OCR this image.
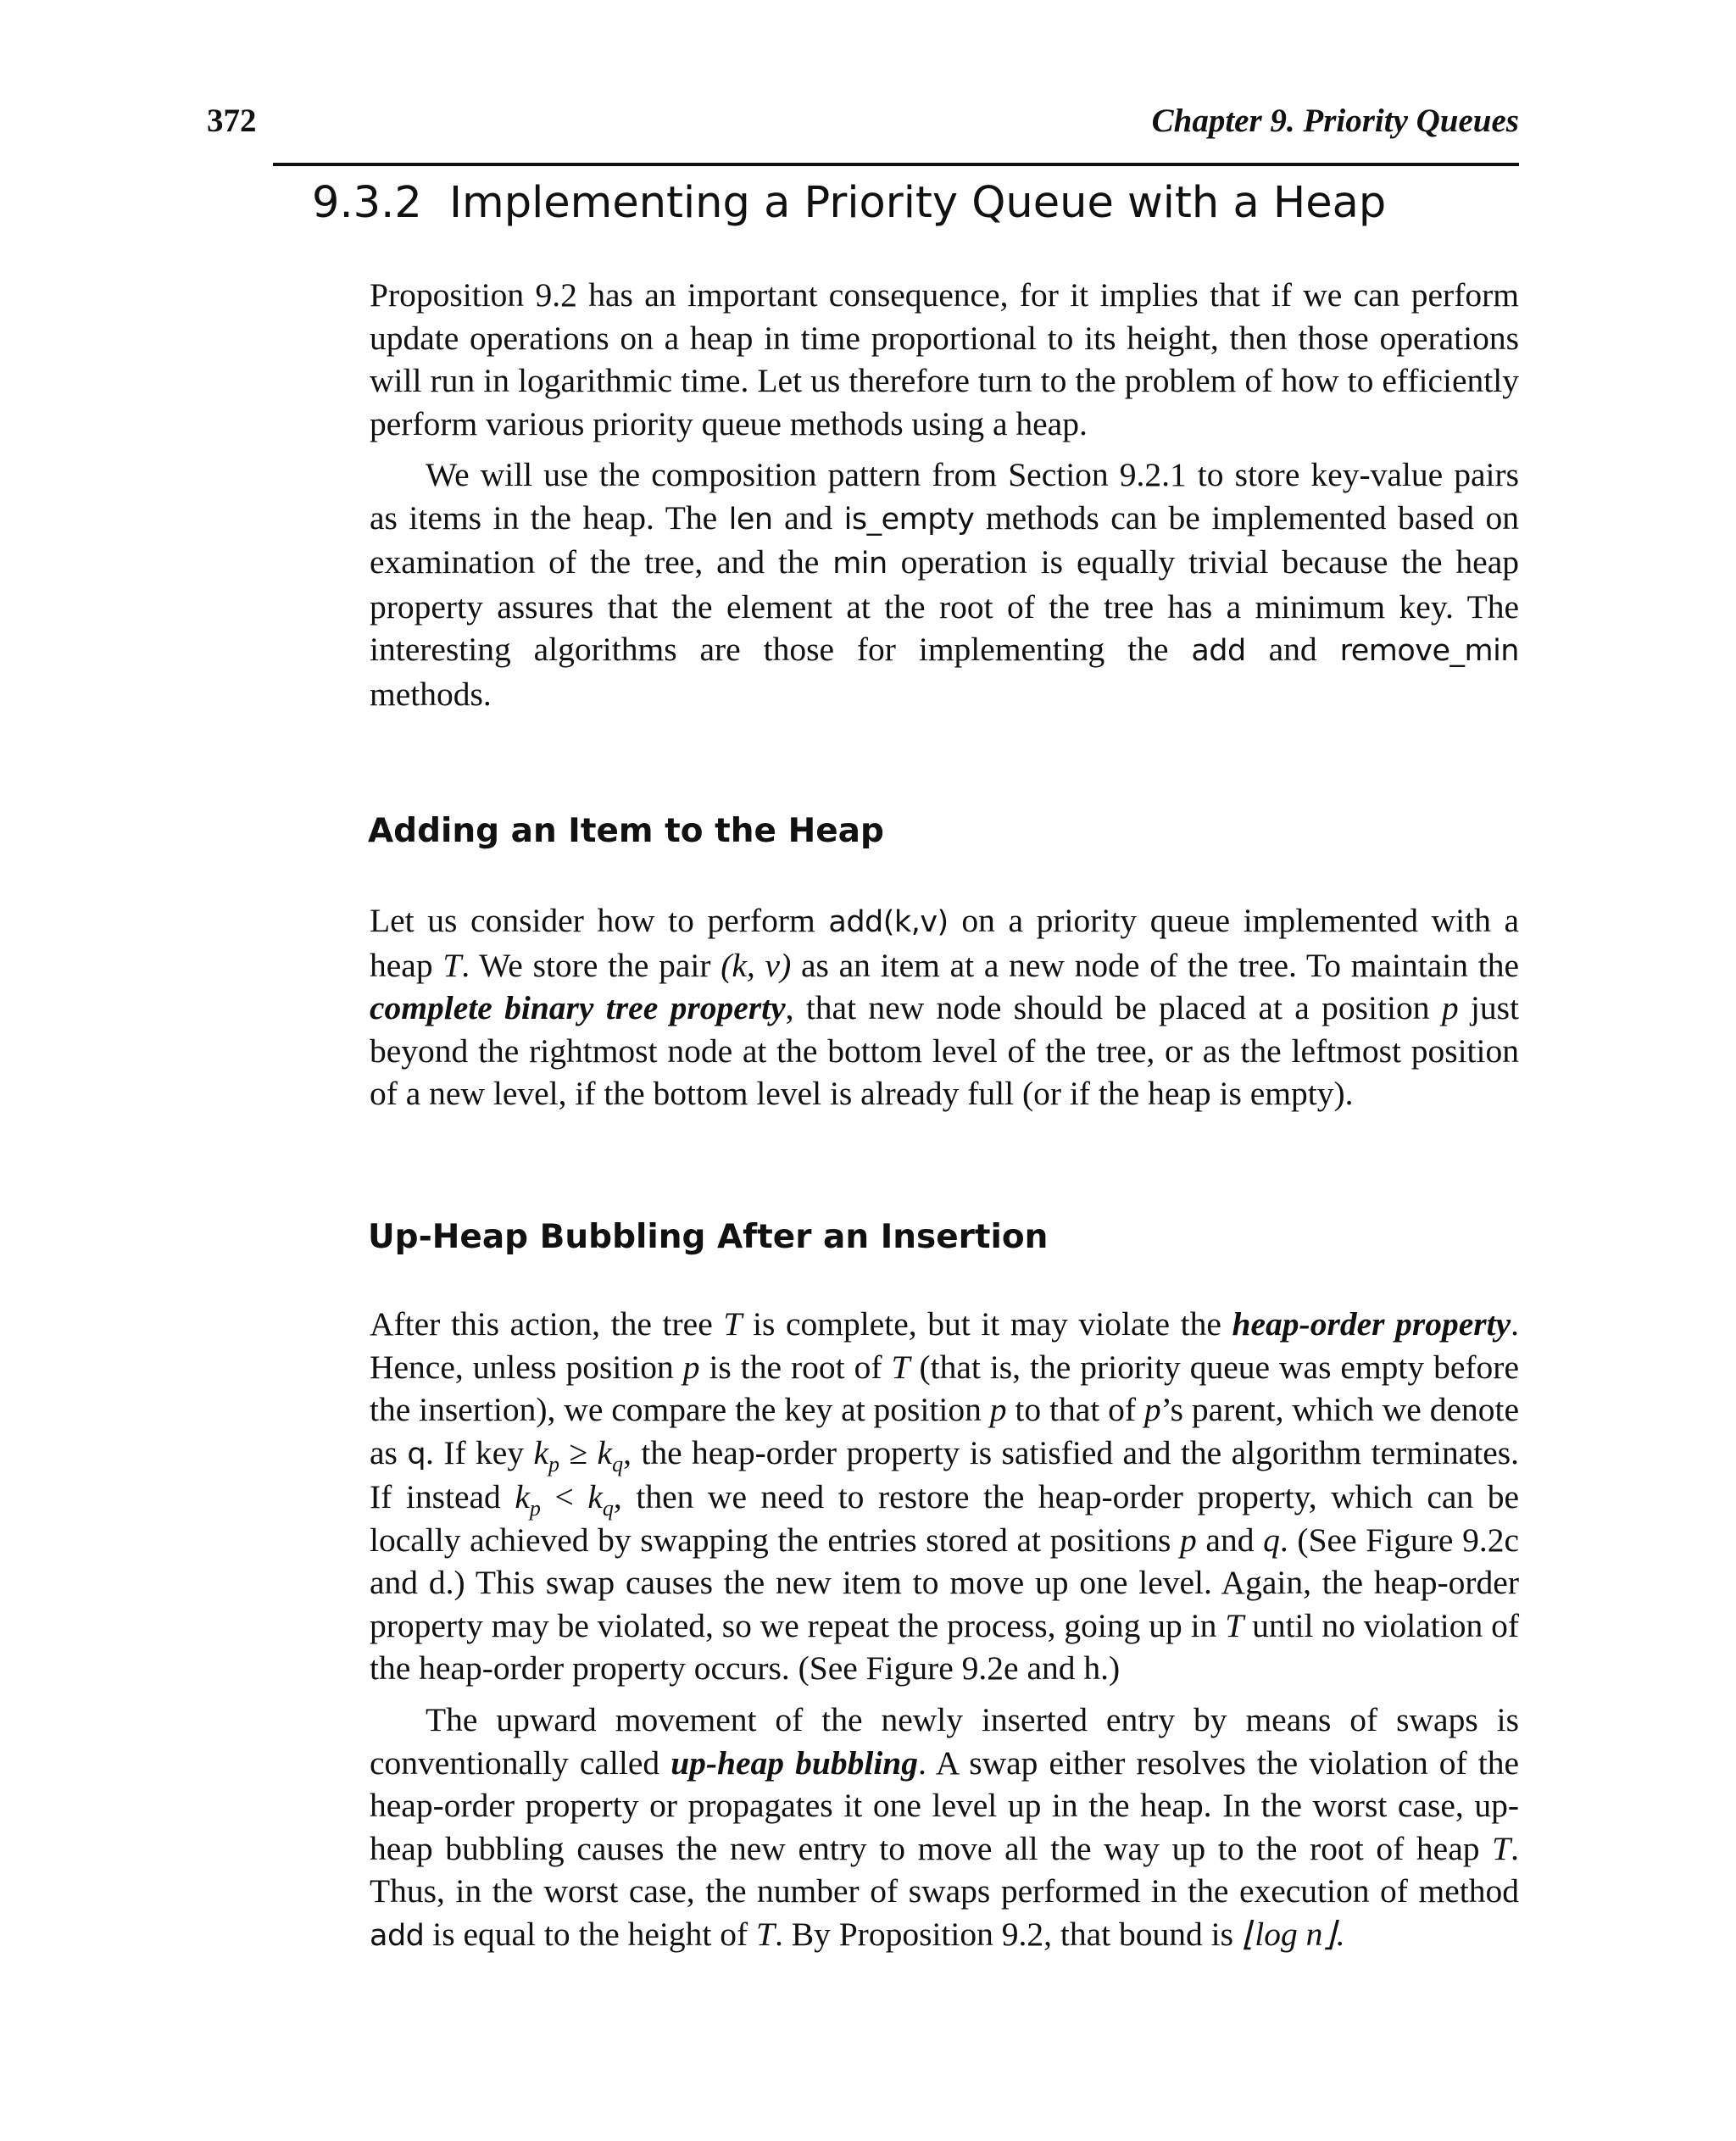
372	Chapter 9. Priority Queues
9.3.2 Implementing a Priority Queue with a Heap

Proposition 9.2 has an important consequence, for it implies that if we can perform update operations on a heap in time proportional to its height, then those operations will run in logarithmic time. Let us therefore turn to the problem of how to efficiently perform various priority queue methods using a heap.

We will use the composition pattern from Section 9.2.1 to store key-value pairs as items in the heap. The len and is_empty methods can be implemented based on examination of the tree, and the min operation is equally trivial because the heap property assures that the element at the root of the tree has a minimum key. The interesting algorithms are those for implementing the add and remove_min methods.

Adding an Item to the Heap

Let us consider how to perform add(k,v) on a priority queue implemented with a heap T. We store the pair (k, v) as an item at a new node of the tree. To maintain the complete binary tree property, that new node should be placed at a position p just beyond the rightmost node at the bottom level of the tree, or as the leftmost position of a new level, if the bottom level is already full (or if the heap is empty).

Up-Heap Bubbling After an Insertion

After this action, the tree T is complete, but it may violate the heap-order property. Hence, unless position p is the root of T (that is, the priority queue was empty before the insertion), we compare the key at position p to that of p’s parent, which we denote as q. If key $k_p \ge k_q$, the heap-order property is satisfied and the algorithm terminates. If instead $k_p < k_q$, then we need to restore the heap-order property, which can be locally achieved by swapping the entries stored at positions p and q. (See Figure 9.2c and d.) This swap causes the new item to move up one level. Again, the heap-order property may be violated, so we repeat the process, going up in T until no violation of the heap-order property occurs. (See Figure 9.2e and h.)

The upward movement of the newly inserted entry by means of swaps is conventionally called up-heap bubbling. A swap either resolves the violation of the heap-order property or propagates it one level up in the heap. In the worst case, up-heap bubbling causes the new entry to move all the way up to the root of heap T. Thus, in the worst case, the number of swaps performed in the execution of method add is equal to the height of T. By Proposition 9.2, that bound is ⌊log n⌋.
